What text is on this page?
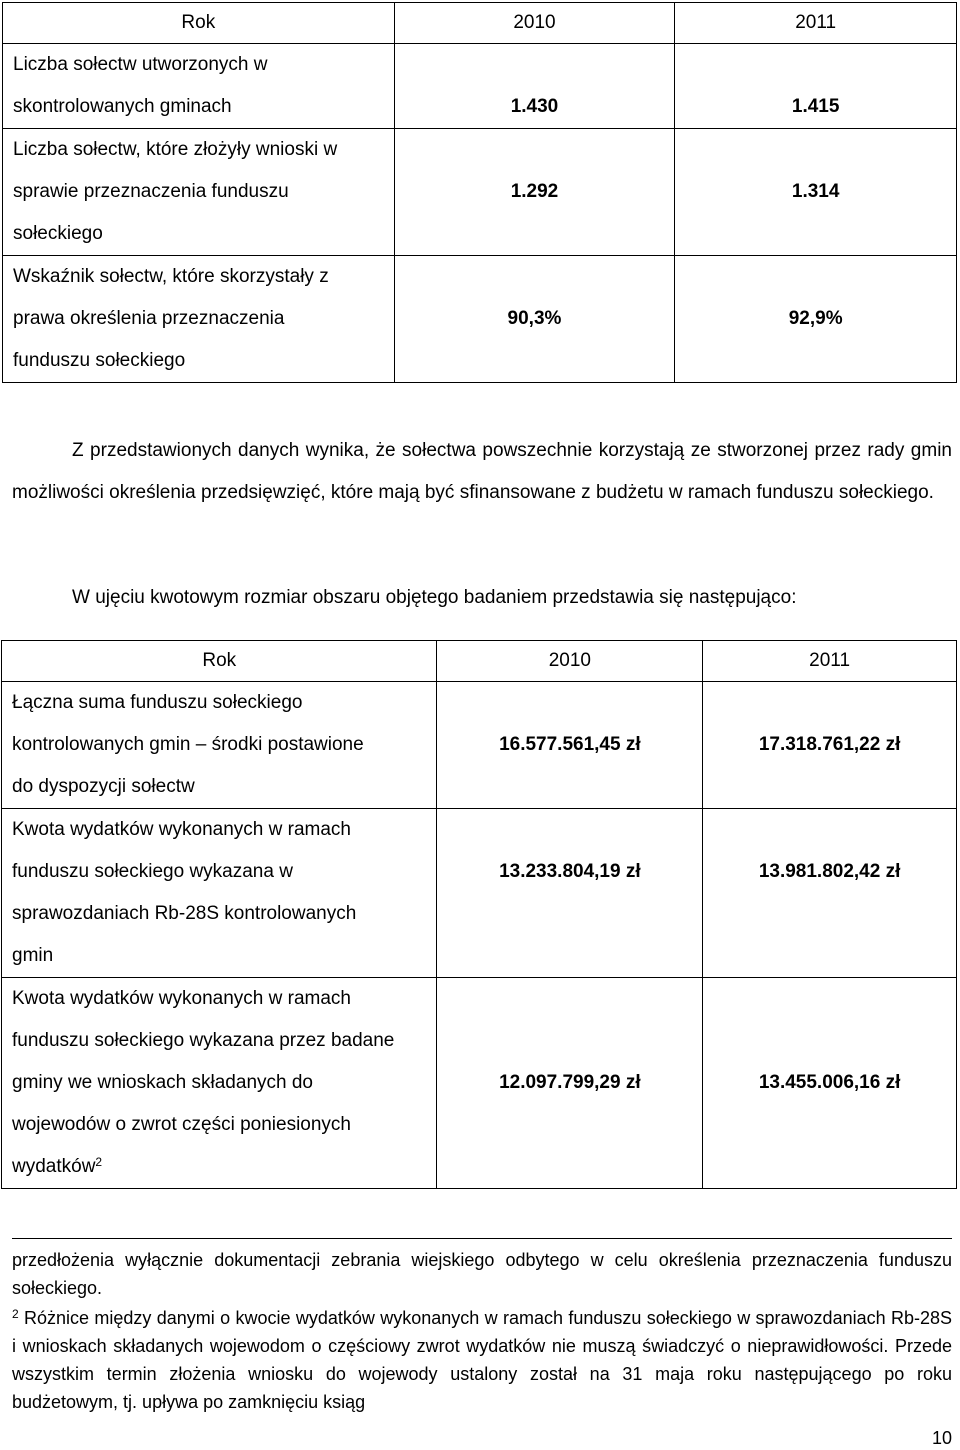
Rok	2010	2011

Liczba sołectw utworzonych w
skontrolowanych gminach	1.430	1.415

Liczba sołectw, które złożyły wnioski w
sprawie przeznaczenia funduszu
sołeckiego	1.292	1.314

Wskaźnik sołectw, które skorzystały z
prawa określenia przeznaczenia
funduszu sołeckiego	90,3%	92,9%
Z przedstawionych danych wynika, że sołectwa powszechnie korzystają ze stworzonej przez rady gmin możliwości określenia przedsięwzięć, które mają być sfinansowane z budżetu w ramach funduszu sołeckiego.
W ujęciu kwotowym rozmiar obszaru objętego badaniem przedstawia się następująco:
Rok	2010	2011

Łączna suma funduszu sołeckiego
kontrolowanych gmin – środki postawione
do dyspozycji sołectw	16.577.561,45 zł	17.318.761,22 zł

Kwota wydatków wykonanych w ramach
funduszu sołeckiego wykazana w
sprawozdaniach Rb-28S kontrolowanych
gmin	13.233.804,19 zł	13.981.802,42 zł

Kwota wydatków wykonanych w ramach
funduszu sołeckiego wykazana przez badane
gminy we wnioskach składanych do
wojewodów o zwrot części poniesionych
wydatków$^2$	12.097.799,29 zł	13.455.006,16 zł
przedłożenia wyłącznie dokumentacji zebrania wiejskiego odbytego w celu określenia przeznaczenia funduszu sołeckiego.
$^2$ Różnice między danymi o kwocie wydatków wykonanych w ramach funduszu sołeckiego w sprawozdaniach Rb-28S i wnioskach składanych wojewodom o częściowy zwrot wydatków nie muszą świadczyć o nieprawidłowości. Przede wszystkim termin złożenia wniosku do wojewody ustalony został na 31 maja roku następującego po roku budżetowym, tj. upływa po zamknięciu ksiąg
10
